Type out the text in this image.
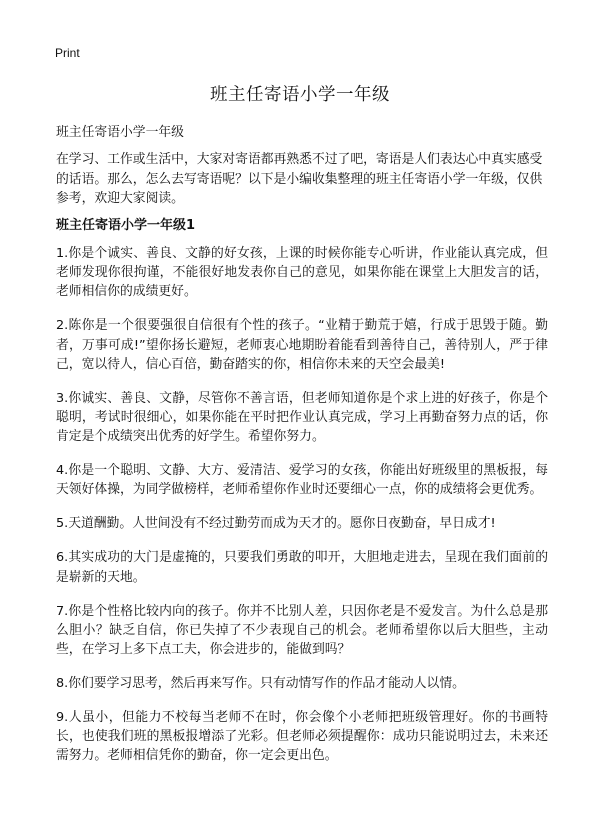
Print
班主任寄语小学一年级
班主任寄语小学一年级

在学习、工作或生活中，大家对寄语都再熟悉不过了吧，寄语是人们表达心中真实感受的话语。那么，怎么去写寄语呢？以下是小编收集整理的班主任寄语小学一年级，仅供参考，欢迎大家阅读。

班主任寄语小学一年级1
1.你是个诚实、善良、文静的好女孩，上课的时候你能专心听讲，作业能认真完成，但老师发现你很拘谨，不能很好地发表你自己的意见，如果你能在课堂上大胆发言的话，老师相信你的成绩更好。
2.陈你是一个很要强很自信很有个性的孩子。“业精于勤荒于嬉，行成于思毁于随。勤者，万事可成!”望你扬长避短，老师衷心地期盼着能看到善待自己，善待别人，严于律己，宽以待人，信心百倍，勤奋踏实的你，相信你未来的天空会最美!
3.你诚实、善良、文静，尽管你不善言语，但老师知道你是个求上进的好孩子，你是个聪明，考试时很细心，如果你能在平时把作业认真完成，学习上再勤奋努力点的话，你肯定是个成绩突出优秀的好学生。希望你努力。
4.你是一个聪明、文静、大方、爱清洁、爱学习的女孩，你能出好班级里的黑板报，每天领好体操，为同学做榜样，老师希望你作业时还要细心一点，你的成绩将会更优秀。
5.天道酬勤。人世间没有不经过勤劳而成为天才的。愿你日夜勤奋，早日成才!
6.其实成功的大门是虚掩的，只要我们勇敢的叩开，大胆地走进去，呈现在我们面前的是崭新的天地。
7.你是个性格比较内向的孩子。你并不比别人差，只因你老是不爱发言。为什么总是那么胆小？缺乏自信，你已失掉了不少表现自己的机会。老师希望你以后大胆些，主动些，在学习上多下点工夫，你会进步的，能做到吗？
8.你们要学习思考，然后再来写作。只有动情写作的作品才能动人以情。
9.人虽小，但能力不校每当老师不在时，你会像个小老师把班级管理好。你的书画特长，也使我们班的黑板报增添了光彩。但老师必须提醒你：成功只能说明过去，未来还需努力。老师相信凭你的勤奋，你一定会更出色。
